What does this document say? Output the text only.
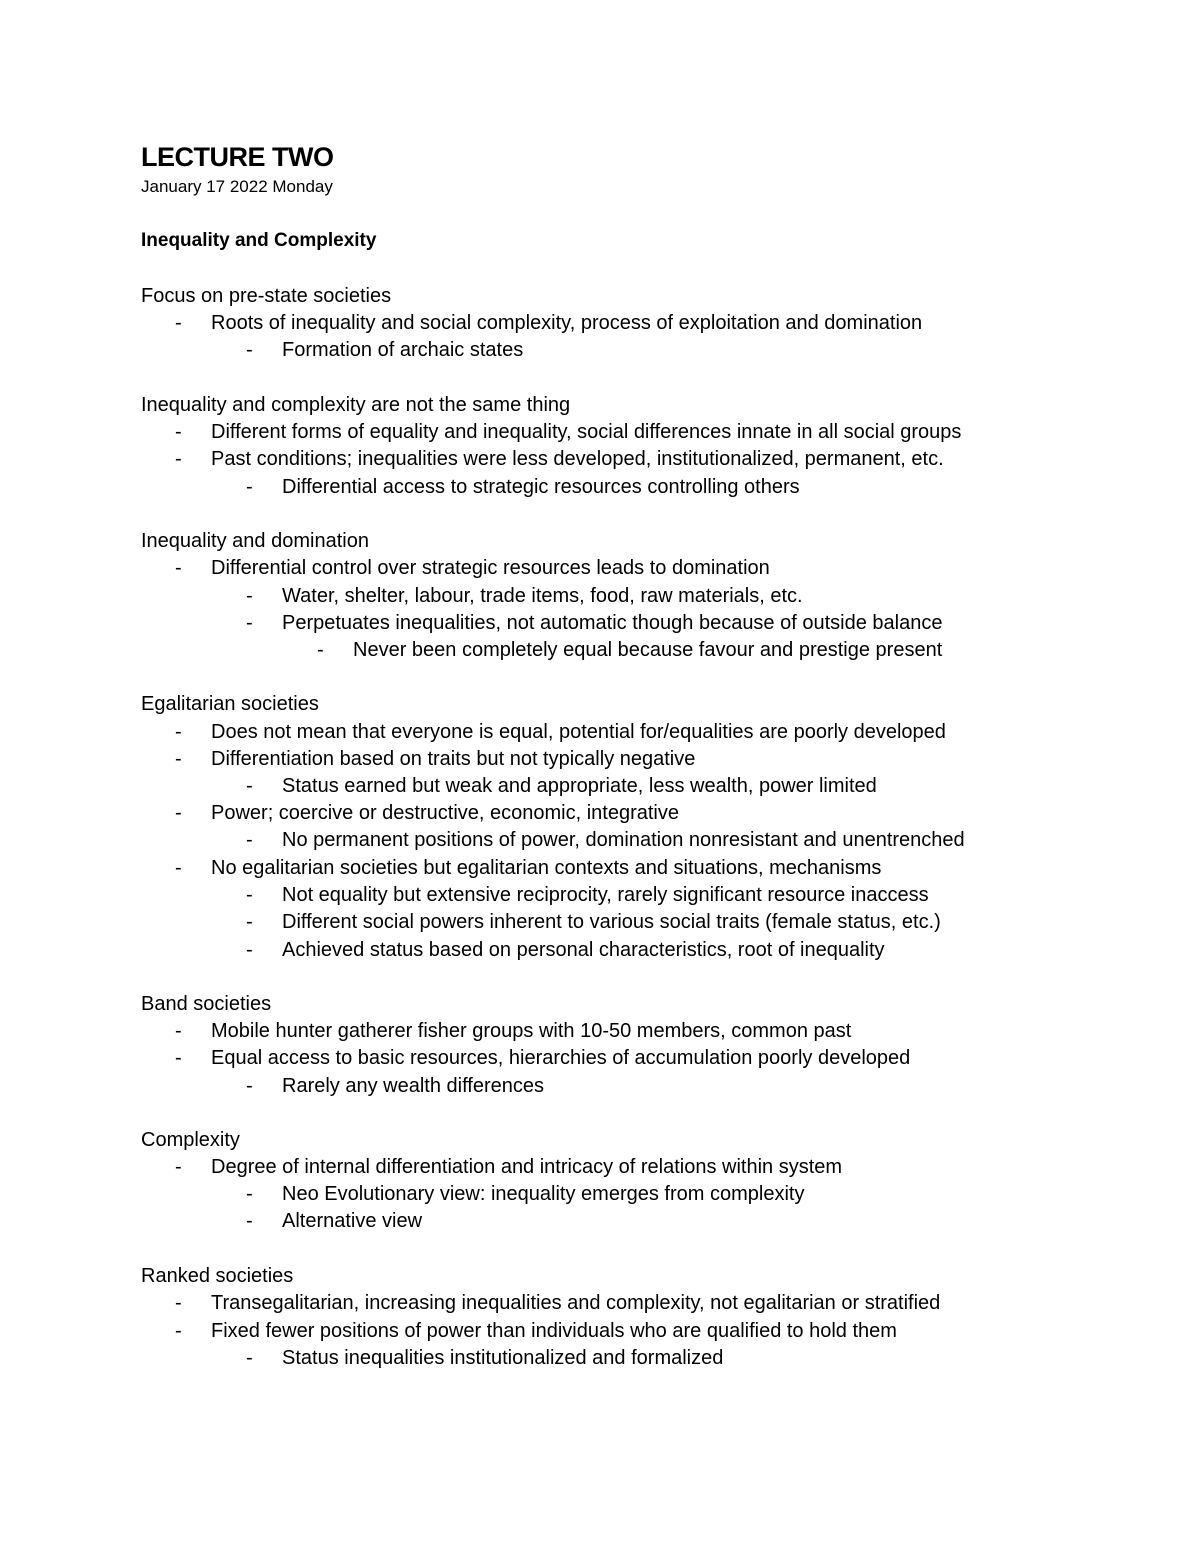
LECTURE TWO
January 17 2022 Monday
Inequality and Complexity
Focus on pre-state societies
-	Roots of inequality and social complexity, process of exploitation and domination
-	Formation of archaic states
Inequality and complexity are not the same thing
-	Different forms of equality and inequality, social differences innate in all social groups
-	Past conditions; inequalities were less developed, institutionalized, permanent, etc.
-	Differential access to strategic resources controlling others
Inequality and domination
-	Differential control over strategic resources leads to domination
-	Water, shelter, labour, trade items, food, raw materials, etc.
-	Perpetuates inequalities, not automatic though because of outside balance
-	Never been completely equal because favour and prestige present
Egalitarian societies
-	Does not mean that everyone is equal, potential for/equalities are poorly developed
-	Differentiation based on traits but not typically negative
-	Status earned but weak and appropriate, less wealth, power limited
-	Power; coercive or destructive, economic, integrative
-	No permanent positions of power, domination nonresistant and unentrenched
-	No egalitarian societies but egalitarian contexts and situations, mechanisms
-	Not equality but extensive reciprocity, rarely significant resource inaccess
-	Different social powers inherent to various social traits (female status, etc.)
-	Achieved status based on personal characteristics, root of inequality
Band societies
-	Mobile hunter gatherer fisher groups with 10-50 members, common past
-	Equal access to basic resources, hierarchies of accumulation poorly developed
-	Rarely any wealth differences
Complexity
-	Degree of internal differentiation and intricacy of relations within system
-	Neo Evolutionary view: inequality emerges from complexity
-	Alternative view
Ranked societies
-	Transegalitarian, increasing inequalities and complexity, not egalitarian or stratified
-	Fixed fewer positions of power than individuals who are qualified to hold them
-	Status inequalities institutionalized and formalized
